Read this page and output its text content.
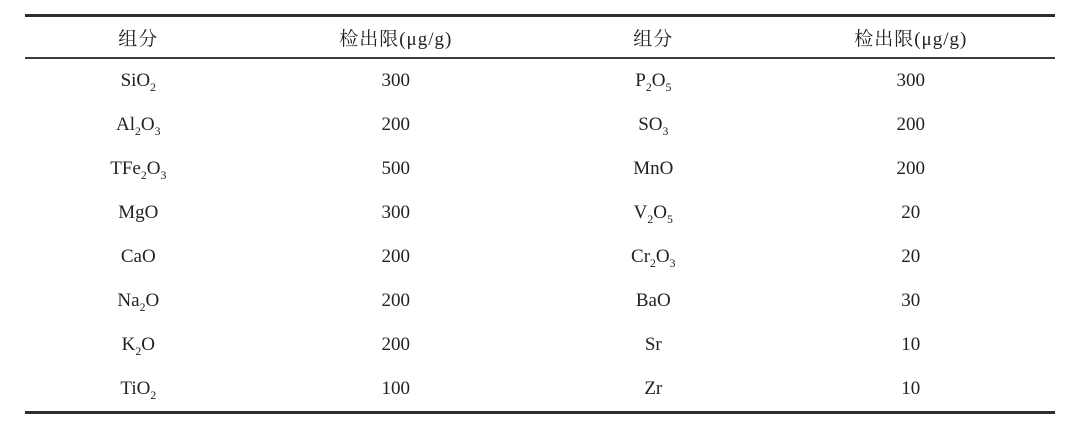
组分	检出限(μg/g)	组分	检出限(μg/g)
SiO$_2$	300	$P_2O_5$	300
$Al_2O_3$	200	$SO_3$	200
$TFe_2O_3$	500	MnO	200
MgO	300	$V_2O_5$	20
CaO	200	$Cr_2O_3$	20
$Na_2O$	200	BaO	30
$K_2O$	200	Sr	10
TiO$_2$	100	Zr	10
